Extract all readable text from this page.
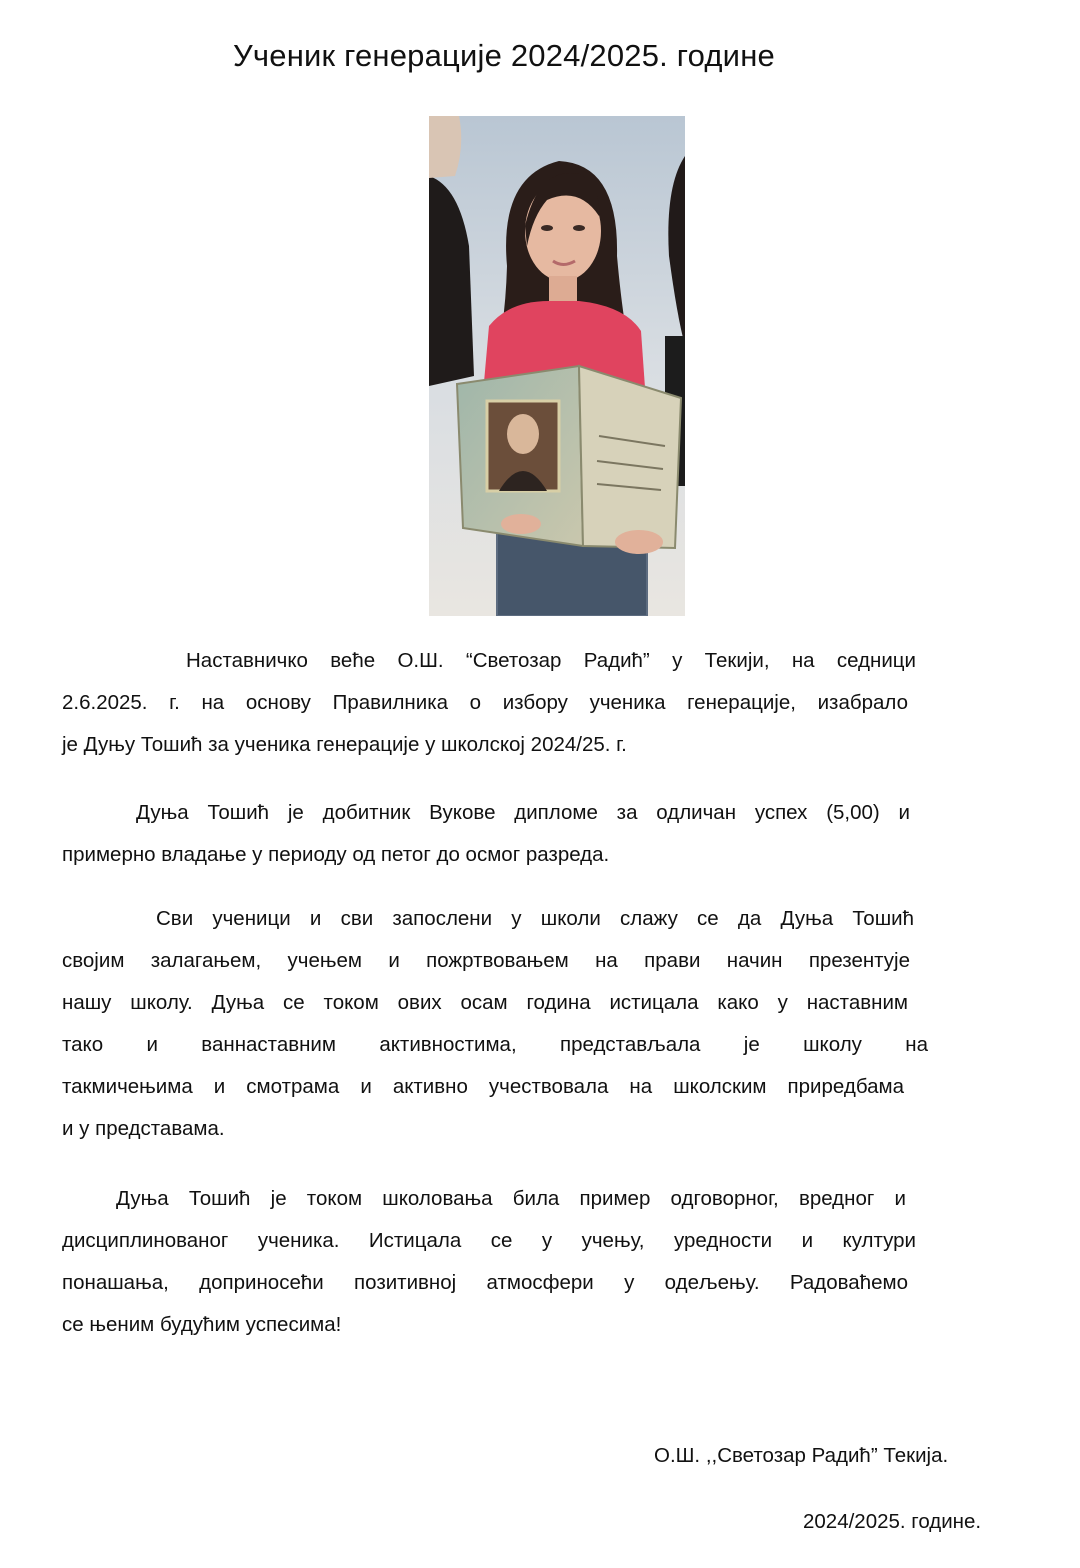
Ученик генерације 2024/2025. године
Наставничко веће О.Ш. “Светозар Радић” у Текији, на седници
2.6.2025. г. на основу Правилника о избору ученика генерације, изабрало
је Дуњу Тошић за ученика генерације у школској 2024/25. г.
Дуња Тошић је добитник Вукове дипломе за одличан успех (5,00) и
примерно владање у периоду од петог до осмог разреда.
Сви ученици и сви запослени у школи слажу се да Дуња Тошић
својим залагањем, учењем и пожртвовањем на прави начин презентује
нашу школу. Дуња се током ових осам година истицала како у наставним
тако и ваннаставним активностима, представљала је школу на
такмичењима и смотрама и активно учествовала на школским приредбама
и у представама.
Дуња Тошић је током школовања била пример одговорног, вредног и
дисциплинованог ученика. Истицала се у учењу, уредности и култури
понашања, доприносећи позитивној атмосфери у одељењу. Радоваћемо
се њеним будућим успесима!
О.Ш. ,,Светозар Радић” Текија.
2024/2025. године.
